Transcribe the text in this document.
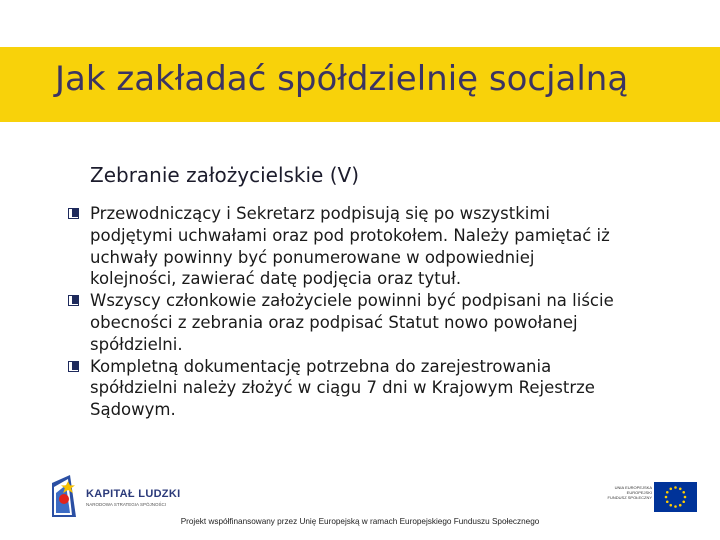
Jak zakładać spółdzielnię socjalną
Zebranie założycielskie (V)
Przewodniczący i Sekretarz podpisują się po wszystkimi
podjętymi uchwałami oraz pod protokołem. Należy pamiętać iż
uchwały powinny być ponumerowane w odpowiedniej
kolejności, zawierać datę podjęcia oraz tytuł.
Wszyscy członkowie założyciele powinni być podpisani na liście
obecności z zebrania oraz podpisać Statut nowo powołanej
spółdzielni.
Kompletną dokumentację potrzebna do zarejestrowania
spółdzielni należy złożyć w ciągu 7 dni w Krajowym Rejestrze
Sądowym.
KAPITAŁ LUDZKI
NARODOWA STRATEGIA SPÓJNOŚCI
UNIA EUROPEJSKA
EUROPEJSKI
FUNDUSZ SPOŁECZNY
Projekt współfinansowany przez Unię Europejską w ramach Europejskiego Funduszu Społecznego
